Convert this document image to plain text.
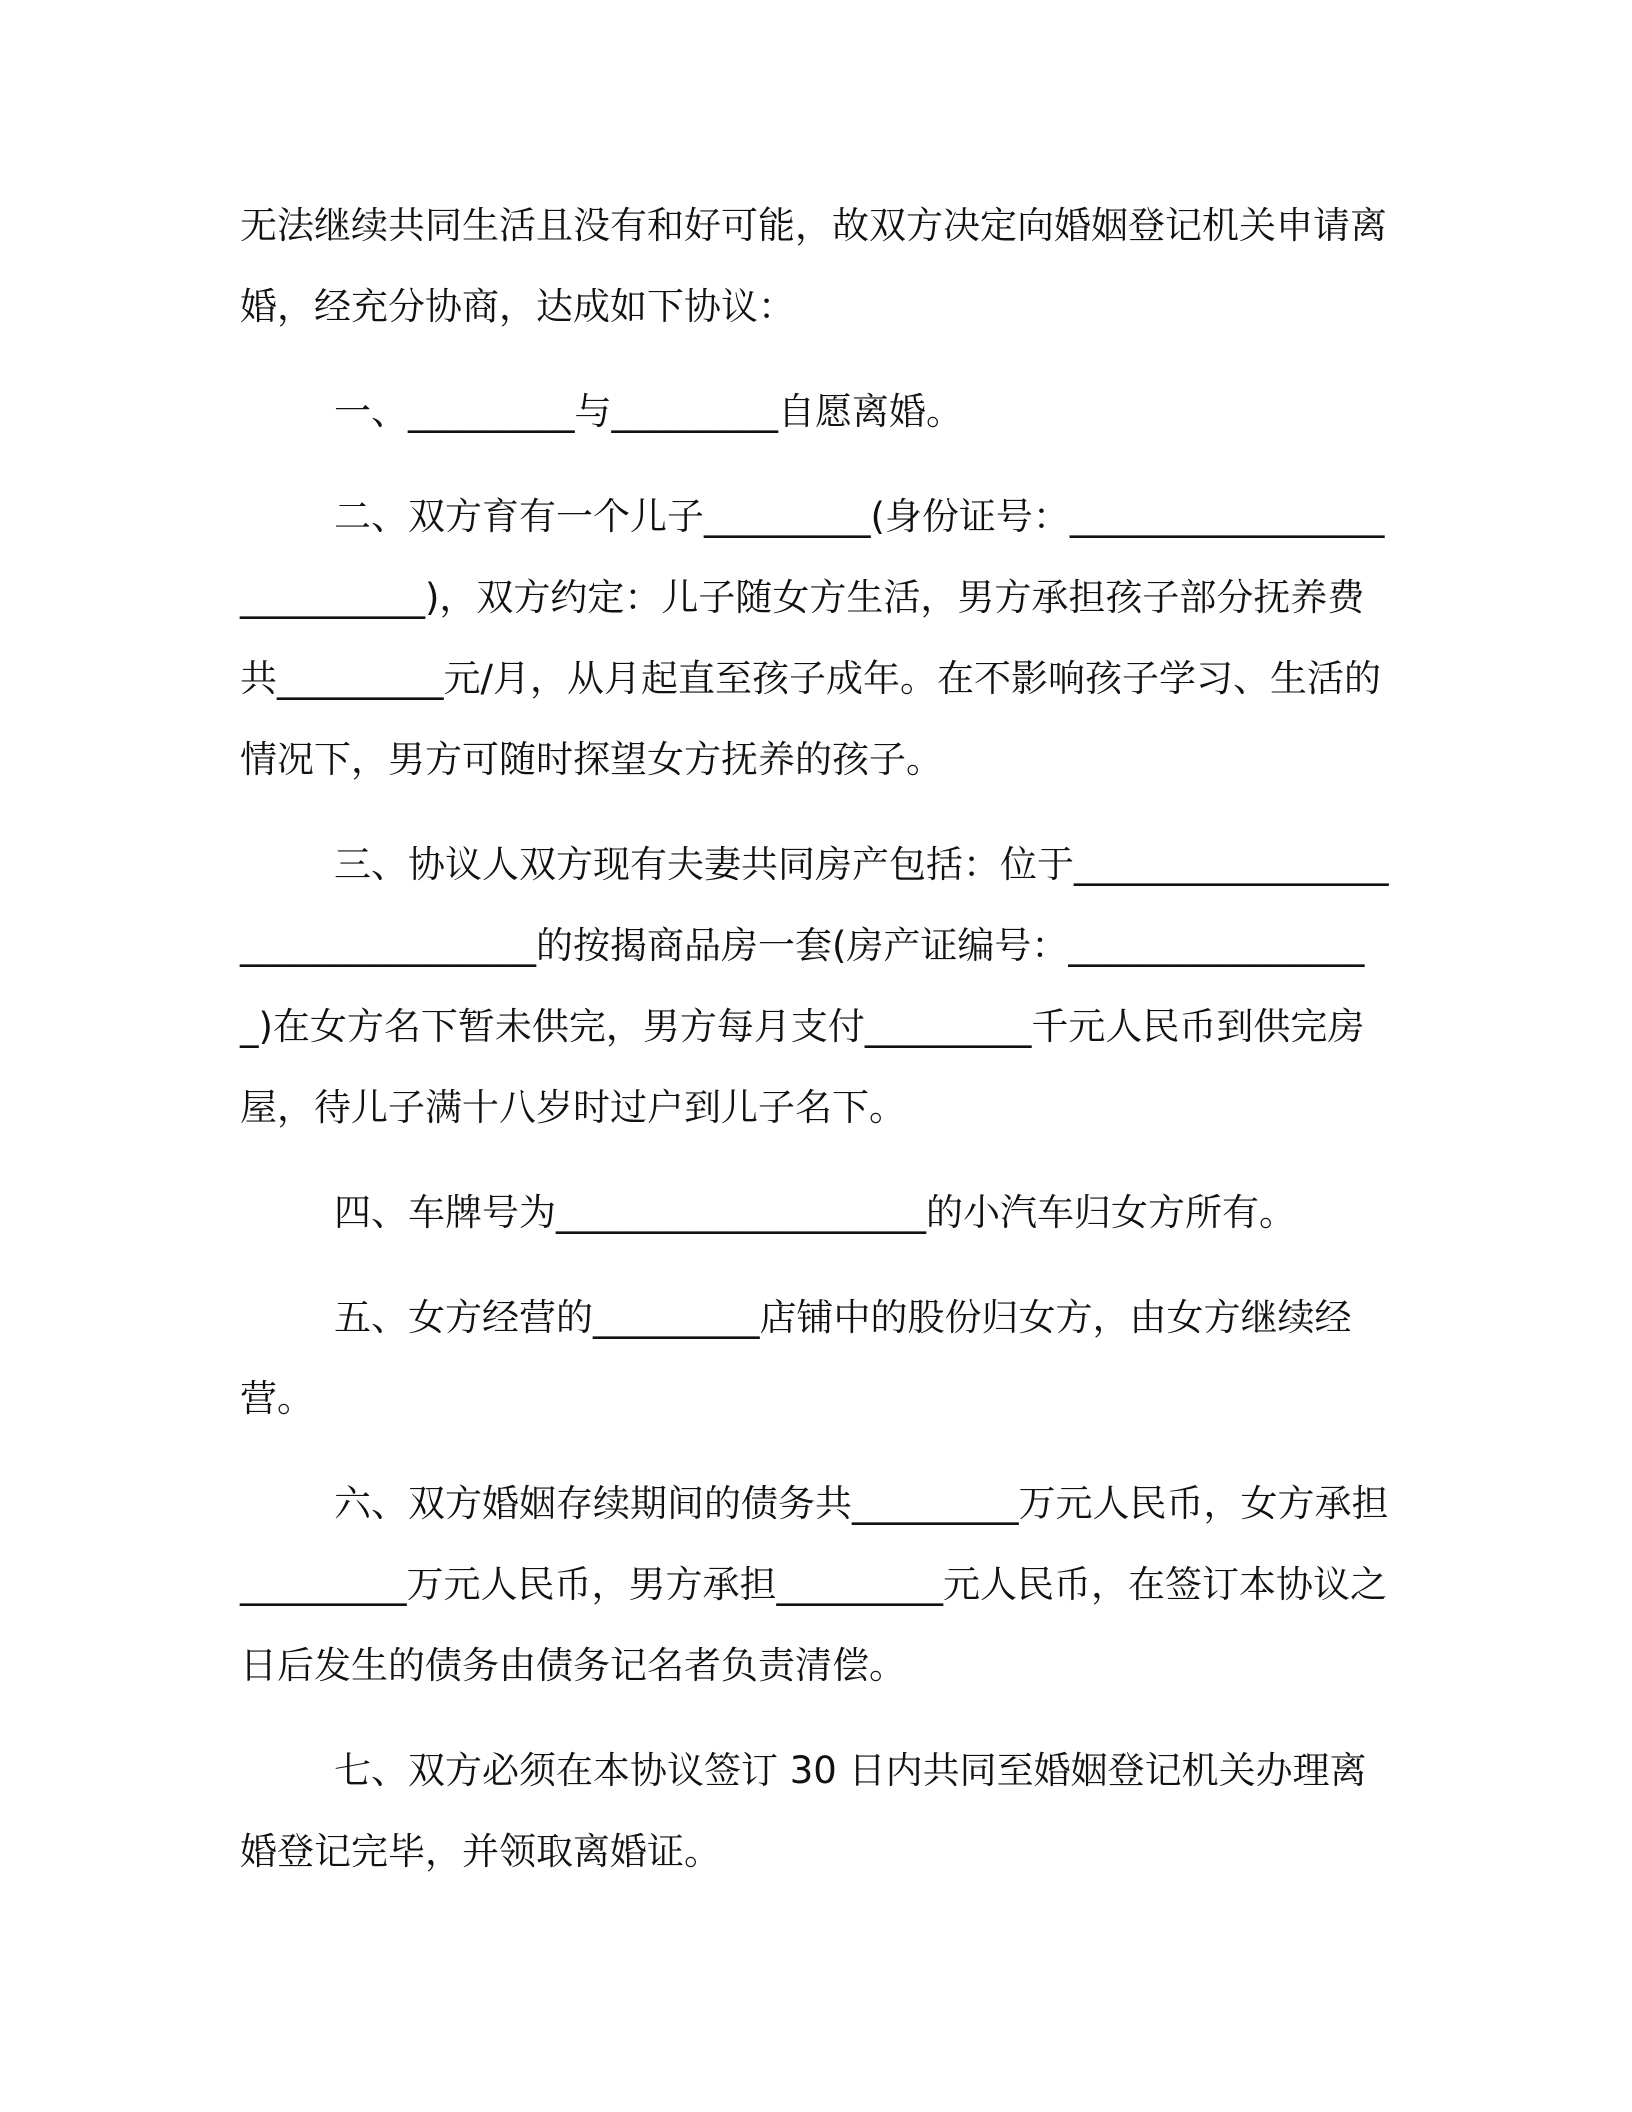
无法继续共同生活且没有和好可能，故双方决定向婚姻登记机关申请离婚，经充分协商，达成如下协议：

一、_________与_________自愿离婚。

二、双方育有一个儿子_________(身份证号：___________________________)，双方约定：儿子随女方生活，男方承担孩子部分抚养费共_________元/月，从月起直至孩子成年。在不影响孩子学习、生活的情况下，男方可随时探望女方抚养的孩子。

三、协议人双方现有夫妻共同房产包括：位于_________________________________的按揭商品房一套(房产证编号：_________________)在女方名下暂未供完，男方每月支付_________千元人民币到供完房屋，待儿子满十八岁时过户到儿子名下。

四、车牌号为____________________的小汽车归女方所有。

五、女方经营的_________店铺中的股份归女方，由女方继续经营。

六、双方婚姻存续期间的债务共_________万元人民币，女方承担_________万元人民币，男方承担_________元人民币，在签订本协议之日后发生的债务由债务记名者负责清偿。

七、双方必须在本协议签订 30 日内共同至婚姻登记机关办理离婚登记完毕，并领取离婚证。
